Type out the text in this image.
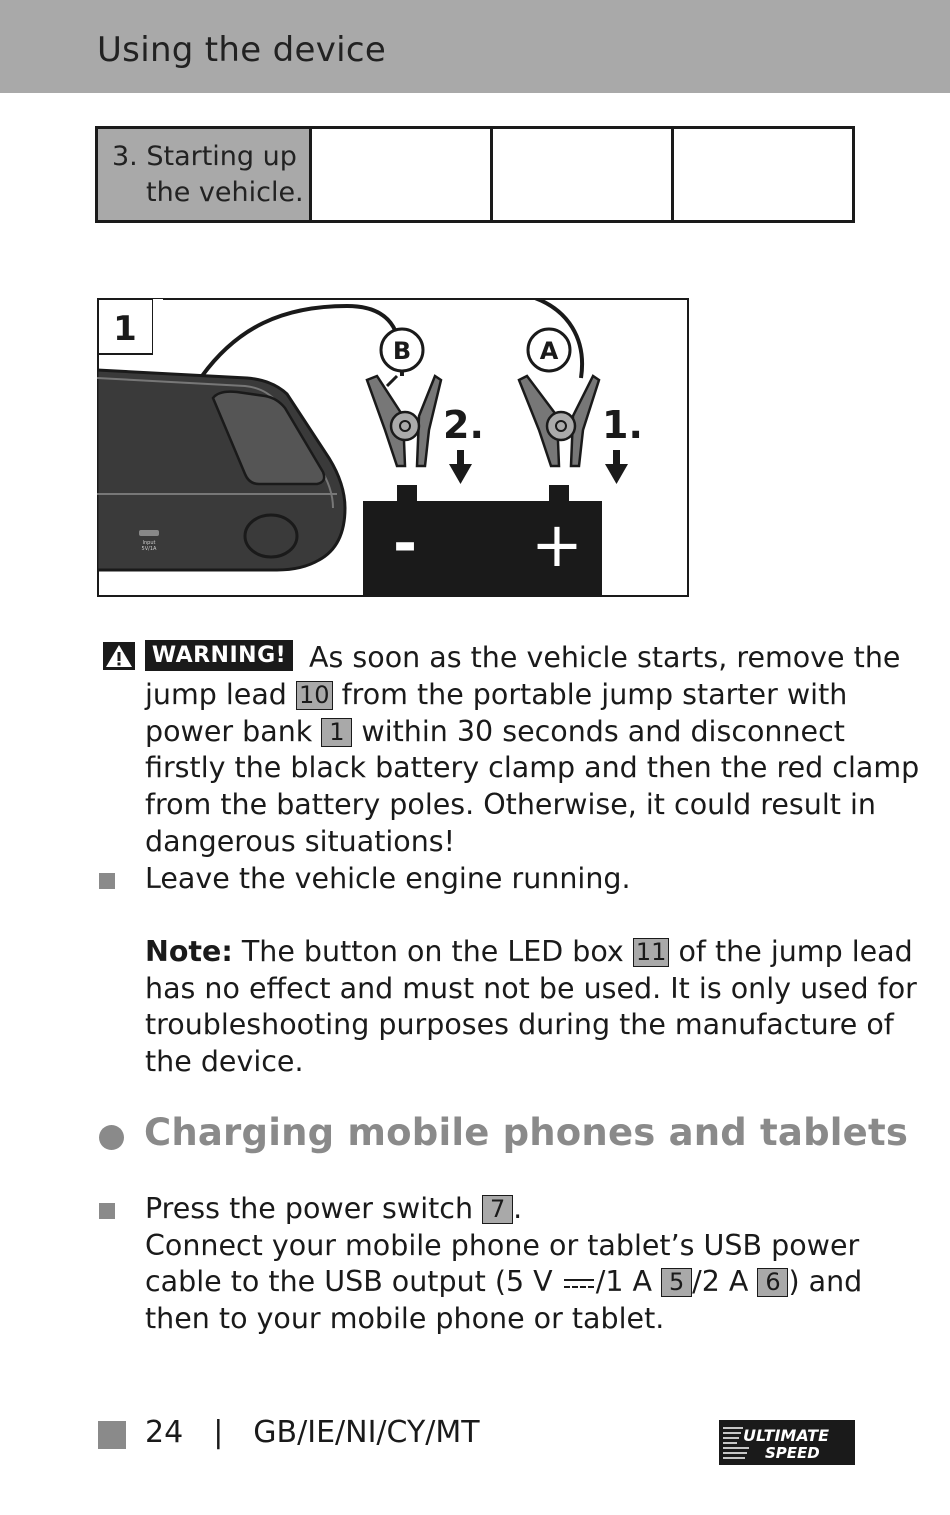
Using the device
3. Starting up
the vehicle.
Input
5V/1A
1
B	A
2.	1.
- +
WARNING! As soon as the vehicle starts, remove the
jump lead 10 from the portable jump starter with
power bank 1 within 30 seconds and disconnect
firstly the black battery clamp and then the red clamp
from the battery poles. Otherwise, it could result in
dangerous situations!
Leave the vehicle engine running.
Note: The button on the LED box 11 of the jump lead
has no effect and must not be used. It is only used for
troubleshooting purposes during the manufacture of
the device.
Charging mobile phones and tablets
Press the power switch 7 .
Connect your mobile phone or tablet’s USB power
cable to the USB output (5 V /1 A 5 /2 A 6 ) and
then to your mobile phone or tablet.
24 | GB/IE/NI/CY/MT	ULTIMATE
SPEED
